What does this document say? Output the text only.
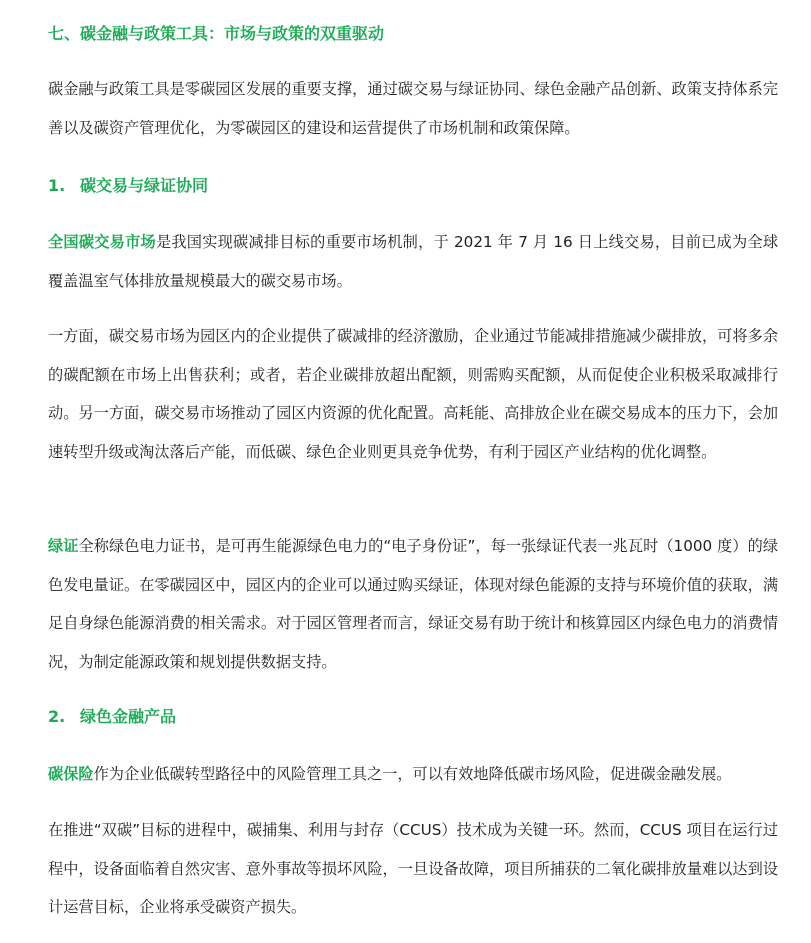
七、碳金融与政策工具：市场与政策的双重驱动

碳金融与政策工具是零碳园区发展的重要支撑，通过碳交易与绿证协同、绿色金融产品创新、政策支持体系完善以及碳资产管理优化，为零碳园区的建设和运营提供了市场机制和政策保障。

1. 碳交易与绿证协同

全国碳交易市场是我国实现碳减排目标的重要市场机制，于 2021 年 7 月 16 日上线交易，目前已成为全球覆盖温室气体排放量规模最大的碳交易市场。

一方面，碳交易市场为园区内的企业提供了碳减排的经济激励，企业通过节能减排措施减少碳排放，可将多余的碳配额在市场上出售获利；或者，若企业碳排放超出配额，则需购买配额，从而促使企业积极采取减排行动。另一方面，碳交易市场推动了园区内资源的优化配置。高耗能、高排放企业在碳交易成本的压力下，会加速转型升级或淘汰落后产能，而低碳、绿色企业则更具竞争优势，有利于园区产业结构的优化调整。

绿证全称绿色电力证书，是可再生能源绿色电力的“电子身份证”，每一张绿证代表一兆瓦时（1000 度）的绿色发电量证。在零碳园区中，园区内的企业可以通过购买绿证，体现对绿色能源的支持与环境价值的获取，满足自身绿色能源消费的相关需求。对于园区管理者而言，绿证交易有助于统计和核算园区内绿色电力的消费情况，为制定能源政策和规划提供数据支持。

2. 绿色金融产品

碳保险作为企业低碳转型路径中的风险管理工具之一，可以有效地降低碳市场风险，促进碳金融发展。

在推进“双碳”目标的进程中，碳捕集、利用与封存（CCUS）技术成为关键一环。然而，CCUS 项目在运行过程中，设备面临着自然灾害、意外事故等损坏风险，一旦设备故障，项目所捕获的二氧化碳排放量难以达到设计运营目标，企业将承受碳资产损失。
